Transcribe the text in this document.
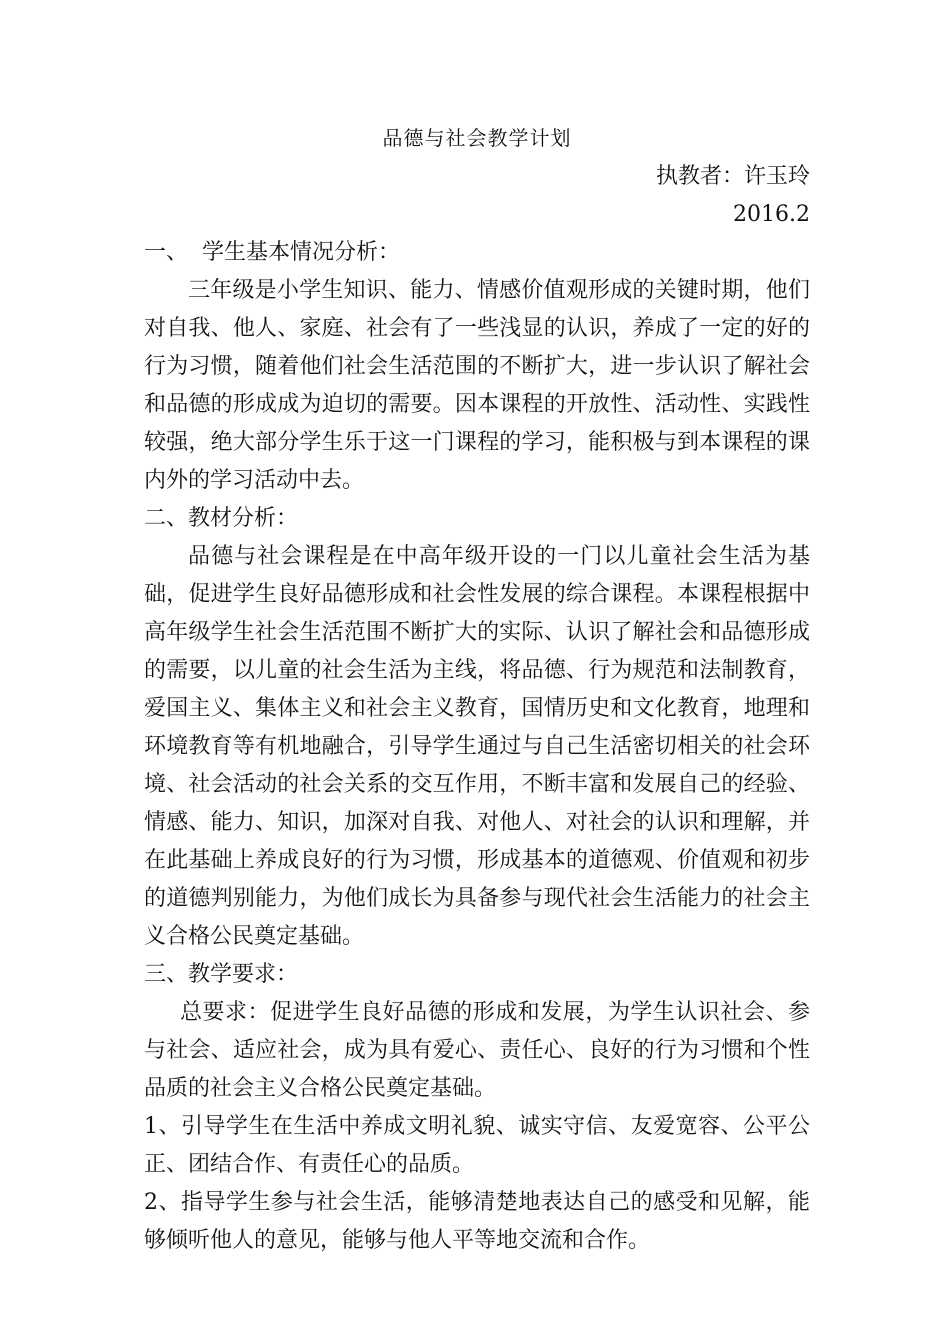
品德与社会教学计划
执教者：许玉玲
2016.2
一、  学生基本情况分析：

三年级是小学生知识、能力、情感价值观形成的关键时期，他们对自我、他人、家庭、社会有了一些浅显的认识，养成了一定的好的行为习惯，随着他们社会生活范围的不断扩大，进一步认识了解社会和品德的形成成为迫切的需要。因本课程的开放性、活动性、实践性较强，绝大部分学生乐于这一门课程的学习，能积极与到本课程的课内外的学习活动中去。

二、教材分析：

品德与社会课程是在中高年级开设的一门以儿童社会生活为基础，促进学生良好品德形成和社会性发展的综合课程。本课程根据中高年级学生社会生活范围不断扩大的实际、认识了解社会和品德形成的需要，以儿童的社会生活为主线，将品德、行为规范和法制教育，爱国主义、集体主义和社会主义教育，国情历史和文化教育，地理和环境教育等有机地融合，引导学生通过与自己生活密切相关的社会环境、社会活动的社会关系的交互作用，不断丰富和发展自己的经验、情感、能力、知识，加深对自我、对他人、对社会的认识和理解，并在此基础上养成良好的行为习惯，形成基本的道德观、价值观和初步的道德判别能力，为他们成长为具备参与现代社会生活能力的社会主义合格公民奠定基础。

三、教学要求：

总要求：促进学生良好品德的形成和发展，为学生认识社会、参与社会、适应社会，成为具有爱心、责任心、良好的行为习惯和个性品质的社会主义合格公民奠定基础。

1、引导学生在生活中养成文明礼貌、诚实守信、友爱宽容、公平公正、团结合作、有责任心的品质。

2、指导学生参与社会生活，能够清楚地表达自己的感受和见解，能够倾听他人的意见，能够与他人平等地交流和合作。
